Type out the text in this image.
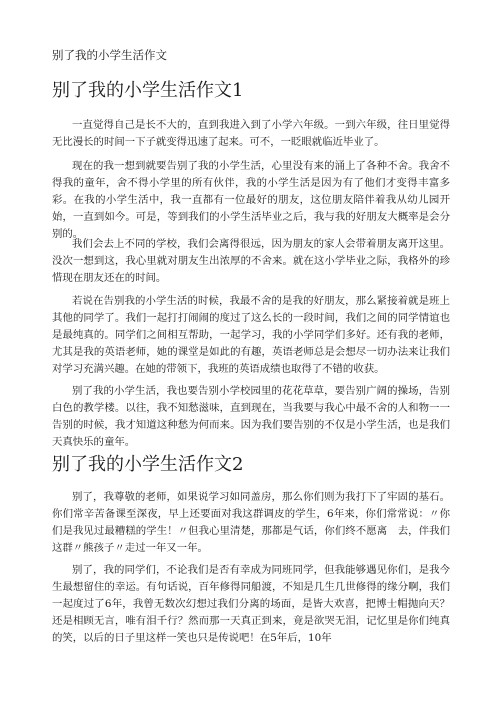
别了我的小学生活作文
别了我的小学生活作文1

一直觉得自己是长不大的，直到我进入到了小学六年级。一到六年级，往日里觉得无比漫长的时间一下子就变得迅速了起来。可不，一眨眼就临近毕业了。

现在的我一想到就要告别了我的小学生活，心里没有来的涌上了各种不舍。我舍不得我的童年，舍不得小学里的所有伙伴，我的小学生活是因为有了他们才变得丰富多彩。在我的小学生活中，我一直都有一位最好的朋友，这位朋友陪伴着我从幼儿园开始，一直到如今。可是，等到我们的小学生活毕业之后，我与我的好朋友大概率是会分别的。

我们会去上不同的学校，我们会离得很远，因为朋友的家人会带着朋友离开这里。没次一想到这，我心里就对朋友生出浓厚的不舍来。就在这小学毕业之际，我格外的珍惜现在朋友还在的时间。

若说在告别我的小学生活的时候，我最不舍的是我的好朋友，那么紧接着就是班上其他的同学了。我们一起打打闹闹的度过了这么长的一段时间，我们之间的同学情谊也是最纯真的。同学们之间相互帮助，一起学习，我的小学同学们多好。还有我的老师，尤其是我的英语老师，她的课堂是如此的有趣，英语老师总是会想尽一切办法来让我们对学习充满兴趣。在她的带领下，我班的英语成绩也取得了不错的收获。

别了我的小学生活，我也要告别小学校园里的花花草草，要告别广阔的操场，告别白色的教学楼。以往，我不知愁滋味，直到现在，当我要与我心中最不舍的人和物一一告别的时候，我才知道这种愁为何而来。因为我们要告别的不仅是小学生活，也是我们天真快乐的童年。

别了我的小学生活作文2

别了，我尊敬的老师，如果说学习如同盖房，那么你们则为我打下了牢固的基石。你们常辛苦备课至深夜，早上还要面对我这群调皮的学生，6年来，你们常常说：〃你们是我见过最糟糕的学生！〃但我心里清楚，那都是气话，你们终不愿离　去，伴我们这群〃熊孩子〃走过一年又一年。

别了，我的同学们，不论我们是否有幸成为同班同学，但我能够遇见你们，是我今生最想留住的幸运。有句话说，百年修得同船渡，不知是几生几世修得的缘分啊，我们一起度过了6年，我曾无数次幻想过我们分离的场面，是皆大欢喜，把博士帽抛向天？还是相顾无言，唯有泪千行？然而那一天真正到来，竟是欲哭无泪，记忆里是你们纯真的笑，以后的日子里这样一笑也只是传说吧！在5年后，10年
